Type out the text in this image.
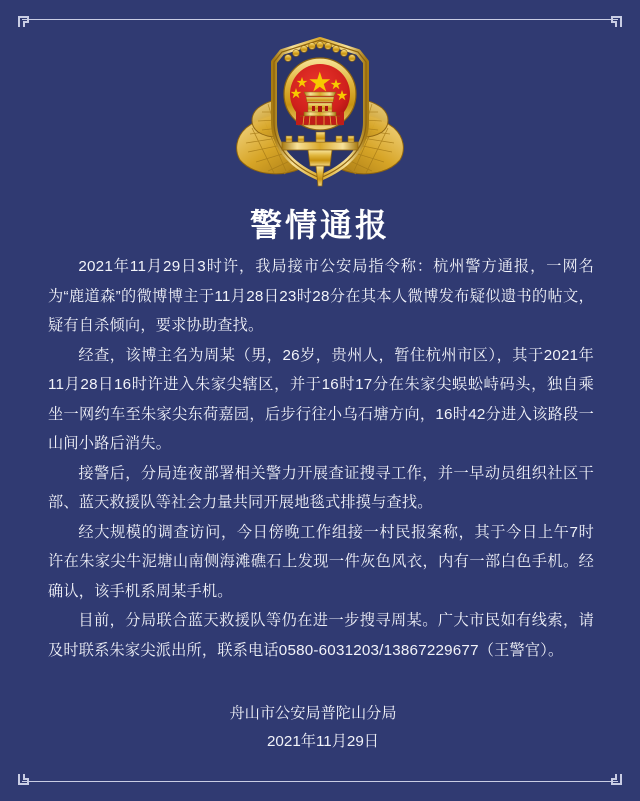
警情通报

2021年11月29日3时许，我局接市公安局指令称：杭州警方通报，一网名为“鹿道森”的微博博主于11月28日23时28分在其本人微博发布疑似遗书的帖文，疑有自杀倾向，要求协助查找。

经查，该博主名为周某（男，26岁，贵州人，暂住杭州市区），其于2021年11月28日16时许进入朱家尖辖区，并于16时17分在朱家尖蜈蚣峙码头，独自乘坐一网约车至朱家尖东荷嘉园，后步行往小乌石塘方向，16时42分进入该路段一山间小路后消失。

接警后，分局连夜部署相关警力开展查证搜寻工作，并一早动员组织社区干部、蓝天救援队等社会力量共同开展地毯式排摸与查找。

经大规模的调查访问，今日傍晚工作组接一村民报案称，其于今日上午7时许在朱家尖牛泥塘山南侧海滩礁石上发现一件灰色风衣，内有一部白色手机。经确认，该手机系周某手机。

目前，分局联合蓝天救援队等仍在进一步搜寻周某。广大市民如有线索，请及时联系朱家尖派出所，联系电话0580-6031203/13867229677（王警官）。

舟山市公安局普陀山分局
2021年11月29日
